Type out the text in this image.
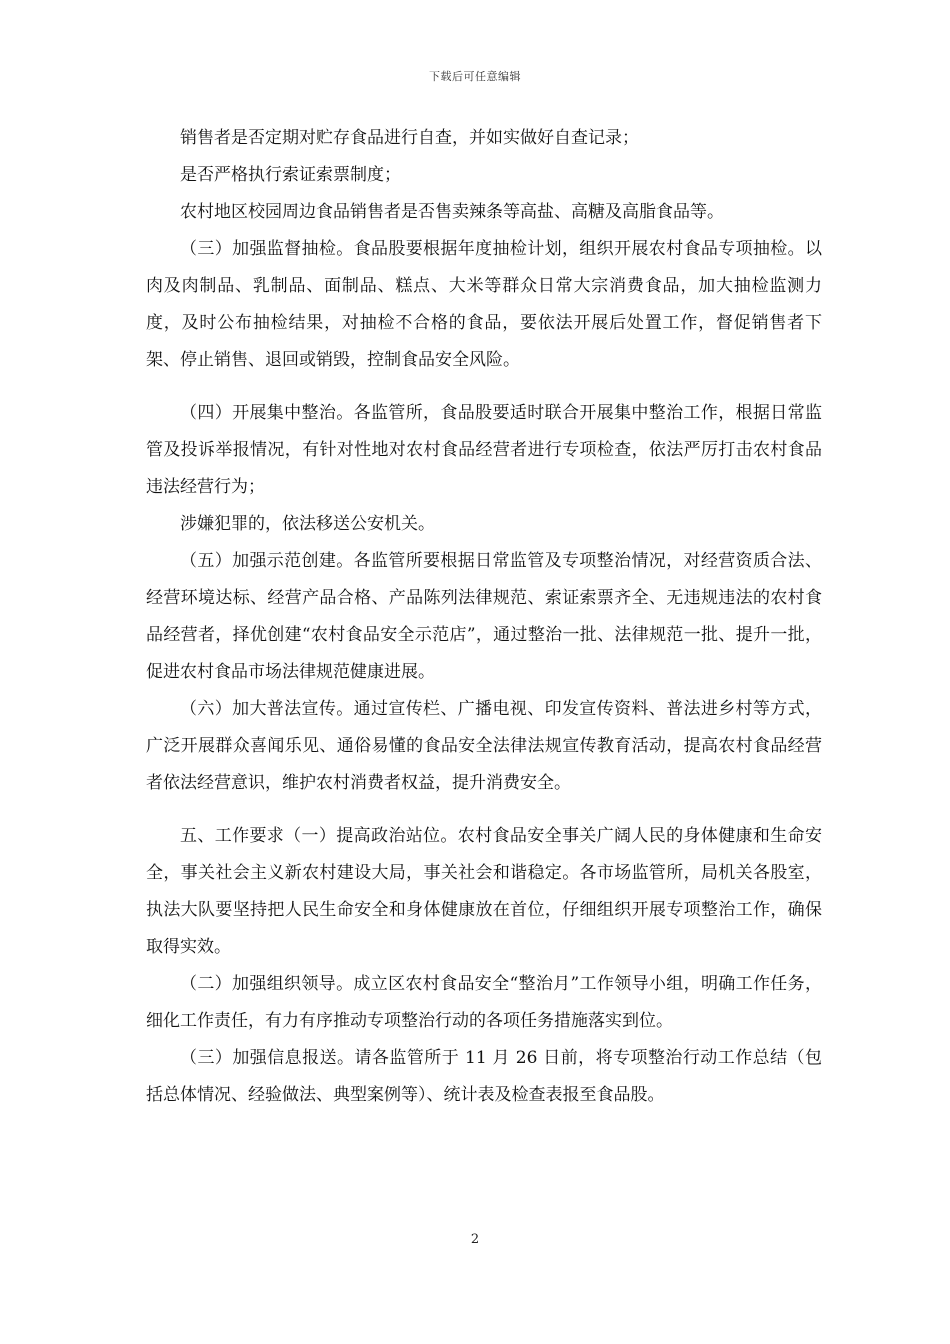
下载后可任意编辑

销售者是否定期对贮存食品进行自查，并如实做好自查记录；

是否严格执行索证索票制度；

农村地区校园周边食品销售者是否售卖辣条等高盐、高糖及高脂食品等。

（三）加强监督抽检。食品股要根据年度抽检计划，组织开展农村食品专项抽检。以肉及肉制品、乳制品、面制品、糕点、大米等群众日常大宗消费食品，加大抽检监测力度，及时公布抽检结果，对抽检不合格的食品，要依法开展后处置工作，督促销售者下架、停止销售、退回或销毁，控制食品安全风险。

（四）开展集中整治。各监管所，食品股要适时联合开展集中整治工作，根据日常监管及投诉举报情况，有针对性地对农村食品经营者进行专项检查，依法严厉打击农村食品违法经营行为；

涉嫌犯罪的，依法移送公安机关。

（五）加强示范创建。各监管所要根据日常监管及专项整治情况，对经营资质合法、经营环境达标、经营产品合格、产品陈列法律规范、索证索票齐全、无违规违法的农村食品经营者，择优创建“农村食品安全示范店”，通过整治一批、法律规范一批、提升一批，促进农村食品市场法律规范健康进展。

（六）加大普法宣传。通过宣传栏、广播电视、印发宣传资料、普法进乡村等方式，广泛开展群众喜闻乐见、通俗易懂的食品安全法律法规宣传教育活动，提高农村食品经营者依法经营意识，维护农村消费者权益，提升消费安全。

五、工作要求（一）提高政治站位。农村食品安全事关广阔人民的身体健康和生命安全，事关社会主义新农村建设大局，事关社会和谐稳定。各市场监管所，局机关各股室，执法大队要坚持把人民生命安全和身体健康放在首位，仔细组织开展专项整治工作，确保取得实效。

（二）加强组织领导。成立区农村食品安全“整治月”工作领导小组，明确工作任务，细化工作责任，有力有序推动专项整治行动的各项任务措施落实到位。

（三）加强信息报送。请各监管所于 11 月 26 日前，将专项整治行动工作总结（包括总体情况、经验做法、典型案例等）、统计表及检查表报至食品股。

2
